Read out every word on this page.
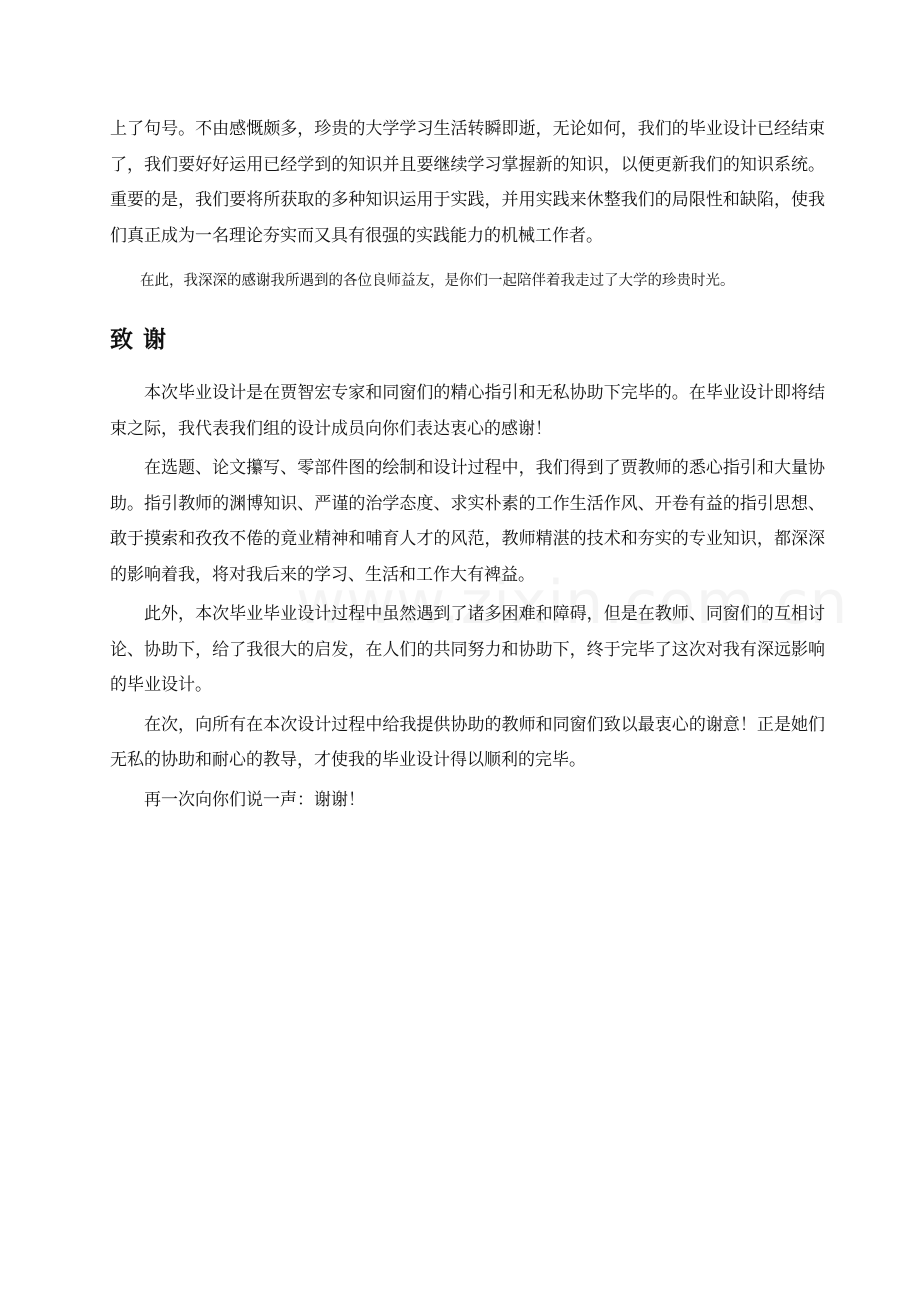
上了句号。不由感慨颇多，珍贵的大学学习生活转瞬即逝，无论如何，我们的毕业设计已经结束了，我们要好好运用已经学到的知识并且要继续学习掌握新的知识，以便更新我们的知识系统。重要的是，我们要将所获取的多种知识运用于实践，并用实践来休整我们的局限性和缺陷，使我们真正成为一名理论夯实而又具有很强的实践能力的机械工作者。

在此，我深深的感谢我所遇到的各位良师益友，是你们一起陪伴着我走过了大学的珍贵时光。

致谢

本次毕业设计是在贾智宏专家和同窗们的精心指引和无私协助下完毕的。在毕业设计即将结束之际，我代表我们组的设计成员向你们表达衷心的感谢！

在选题、论文攥写、零部件图的绘制和设计过程中，我们得到了贾教师的悉心指引和大量协助。指引教师的渊博知识、严谨的治学态度、求实朴素的工作生活作风、开卷有益的指引思想、敢于摸索和孜孜不倦的竟业精神和哺育人才的风范，教师精湛的技术和夯实的专业知识，都深深的影响着我，将对我后来的学习、生活和工作大有裨益。

此外，本次毕业毕业设计过程中虽然遇到了诸多困难和障碍，但是在教师、同窗们的互相讨论、协助下，给了我很大的启发，在人们的共同努力和协助下，终于完毕了这次对我有深远影响的毕业设计。

在次，向所有在本次设计过程中给我提供协助的教师和同窗们致以最衷心的谢意！正是她们无私的协助和耐心的教导，才使我的毕业设计得以顺利的完毕。

再一次向你们说一声：谢谢！
